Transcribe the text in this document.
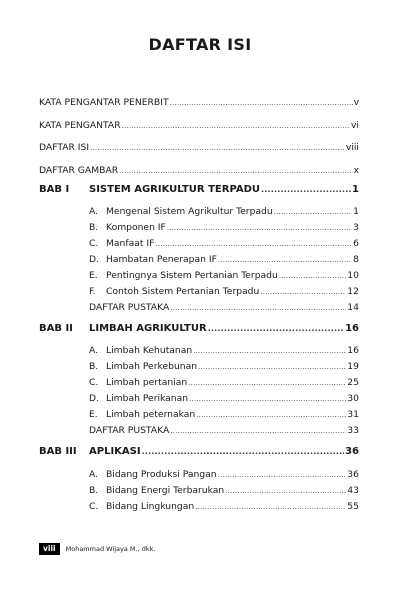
DAFTAR ISI
KATA PENGANTAR PENERBIT .....	v
KATA PENGANTAR .....	vi
DAFTAR ISI .....	viii
DAFTAR GAMBAR .....	x
BAB I SISTEM AGRIKULTUR TERPADU .....	1
A. Mengenal Sistem Agrikultur Terpadu .....	1
B. Komponen IF .....	3
C. Manfaat IF .....	6
D. Hambatan Penerapan IF .....	8
E. Pentingnya Sistem Pertanian Terpadu .....	10
F. Contoh Sistem Pertanian Terpadu .....	12
DAFTAR PUSTAKA .....	14
BAB II LIMBAH AGRIKULTUR .....	16
A. Limbah Kehutanan .....	16
B. Limbah Perkebunan .....	19
C. Limbah pertanian .....	25
D. Limbah Perikanan .....	30
E. Limbah peternakan .....	31
DAFTAR PUSTAKA .....	33
BAB III APLIKASI .....	36
A. Bidang Produksi Pangan .....	36
B. Bidang Energi Terbarukan .....	43
C. Bidang Lingkungan .....	55
viii	Mohammad Wijaya M., dkk.
